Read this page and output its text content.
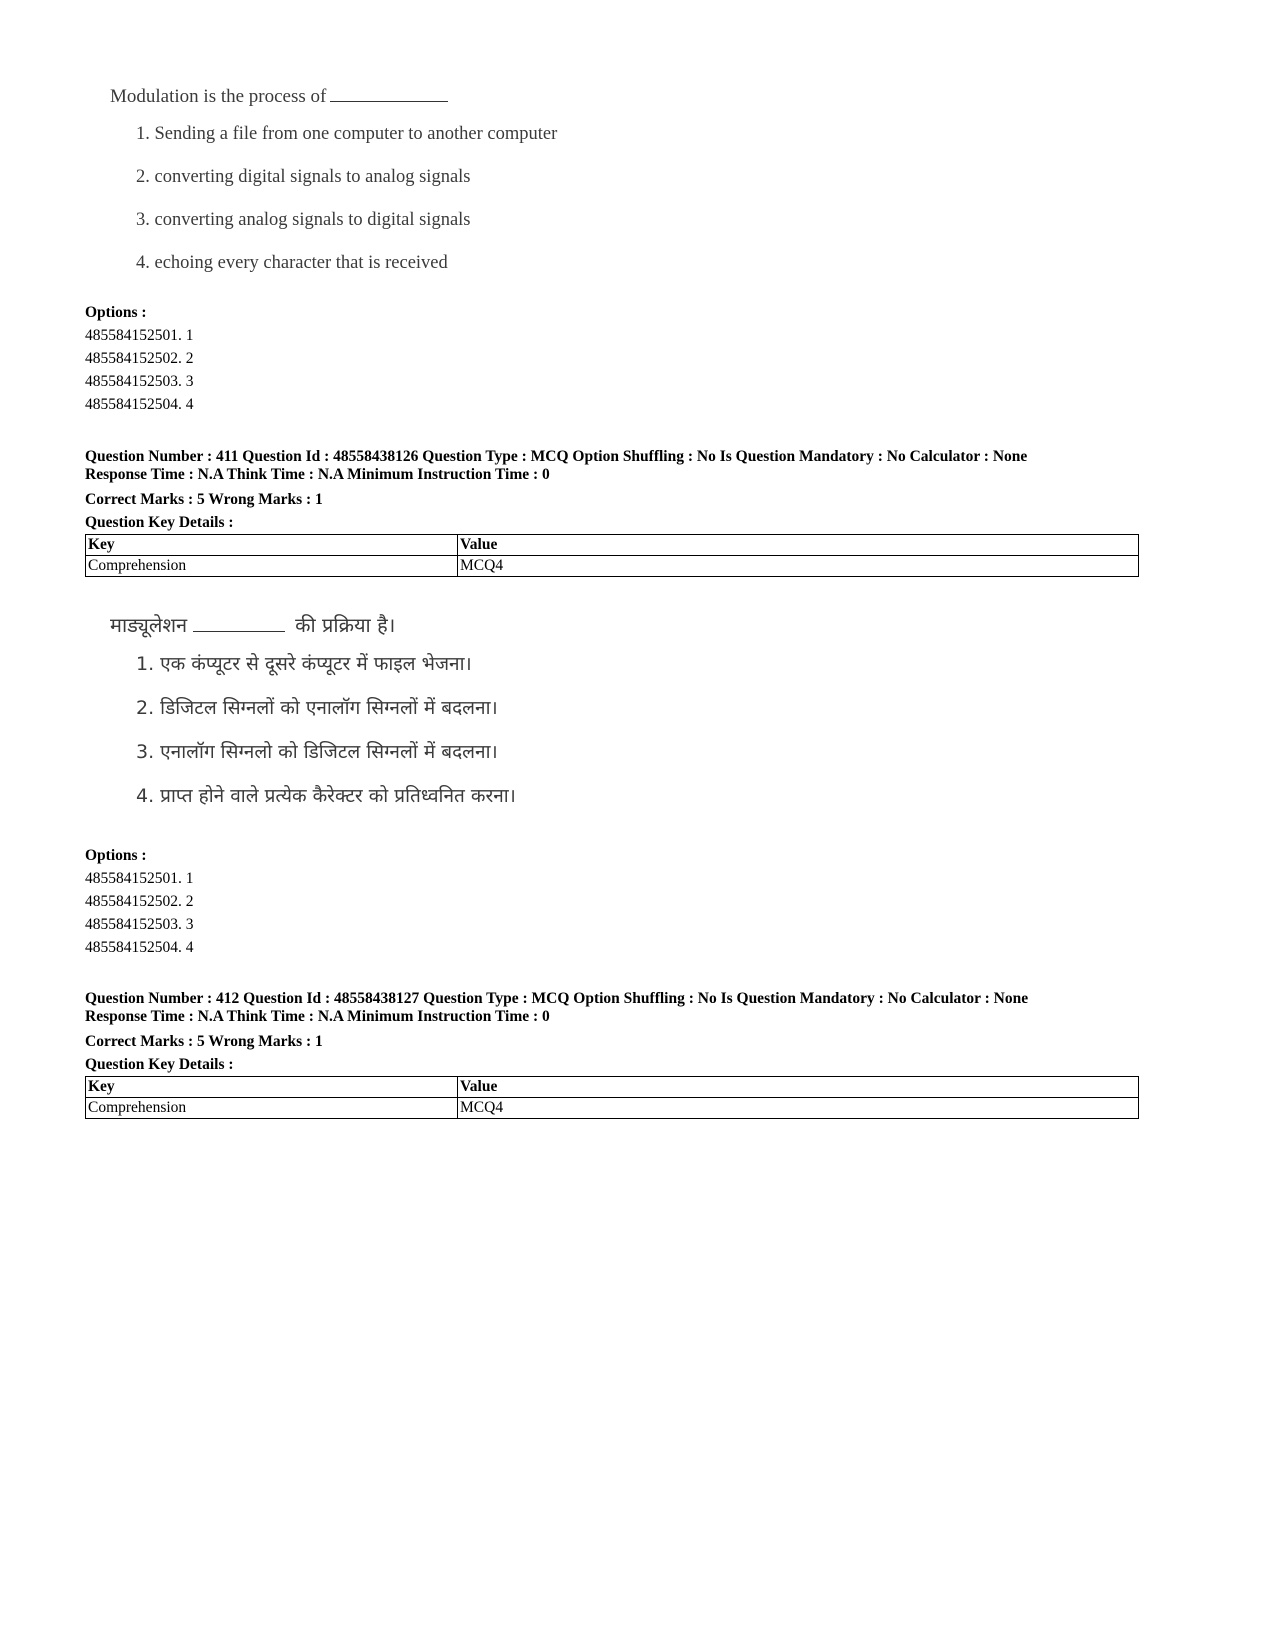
Modulation is the process of
1. Sending a file from one computer to another computer
2. converting digital signals to analog signals
3. converting analog signals to digital signals
4. echoing every character that is received
Options :
485584152501. 1
485584152502. 2
485584152503. 3
485584152504. 4
Question Number : 411 Question Id : 48558438126 Question Type : MCQ Option Shuffling : No Is Question Mandatory : No Calculator : None
Response Time : N.A Think Time : N.A Minimum Instruction Time : 0
Correct Marks : 5 Wrong Marks : 1
Question Key Details :
Key	Value
Comprehension	MCQ4
माड्यूलेशन	की प्रक्रिया है।
1. एक कंप्यूटर से दूसरे कंप्यूटर में फाइल भेजना।
2. डिजिटल सिग्नलों को एनालॉग सिग्नलों में बदलना।
3. एनालॉग सिग्नलो को डिजिटल सिग्नलों में बदलना।
4. प्राप्त होने वाले प्रत्येक कैरेक्टर को प्रतिध्वनित करना।
Options :
485584152501. 1
485584152502. 2
485584152503. 3
485584152504. 4
Question Number : 412 Question Id : 48558438127 Question Type : MCQ Option Shuffling : No Is Question Mandatory : No Calculator : None
Response Time : N.A Think Time : N.A Minimum Instruction Time : 0
Correct Marks : 5 Wrong Marks : 1
Question Key Details :
Key	Value
Comprehension	MCQ4
